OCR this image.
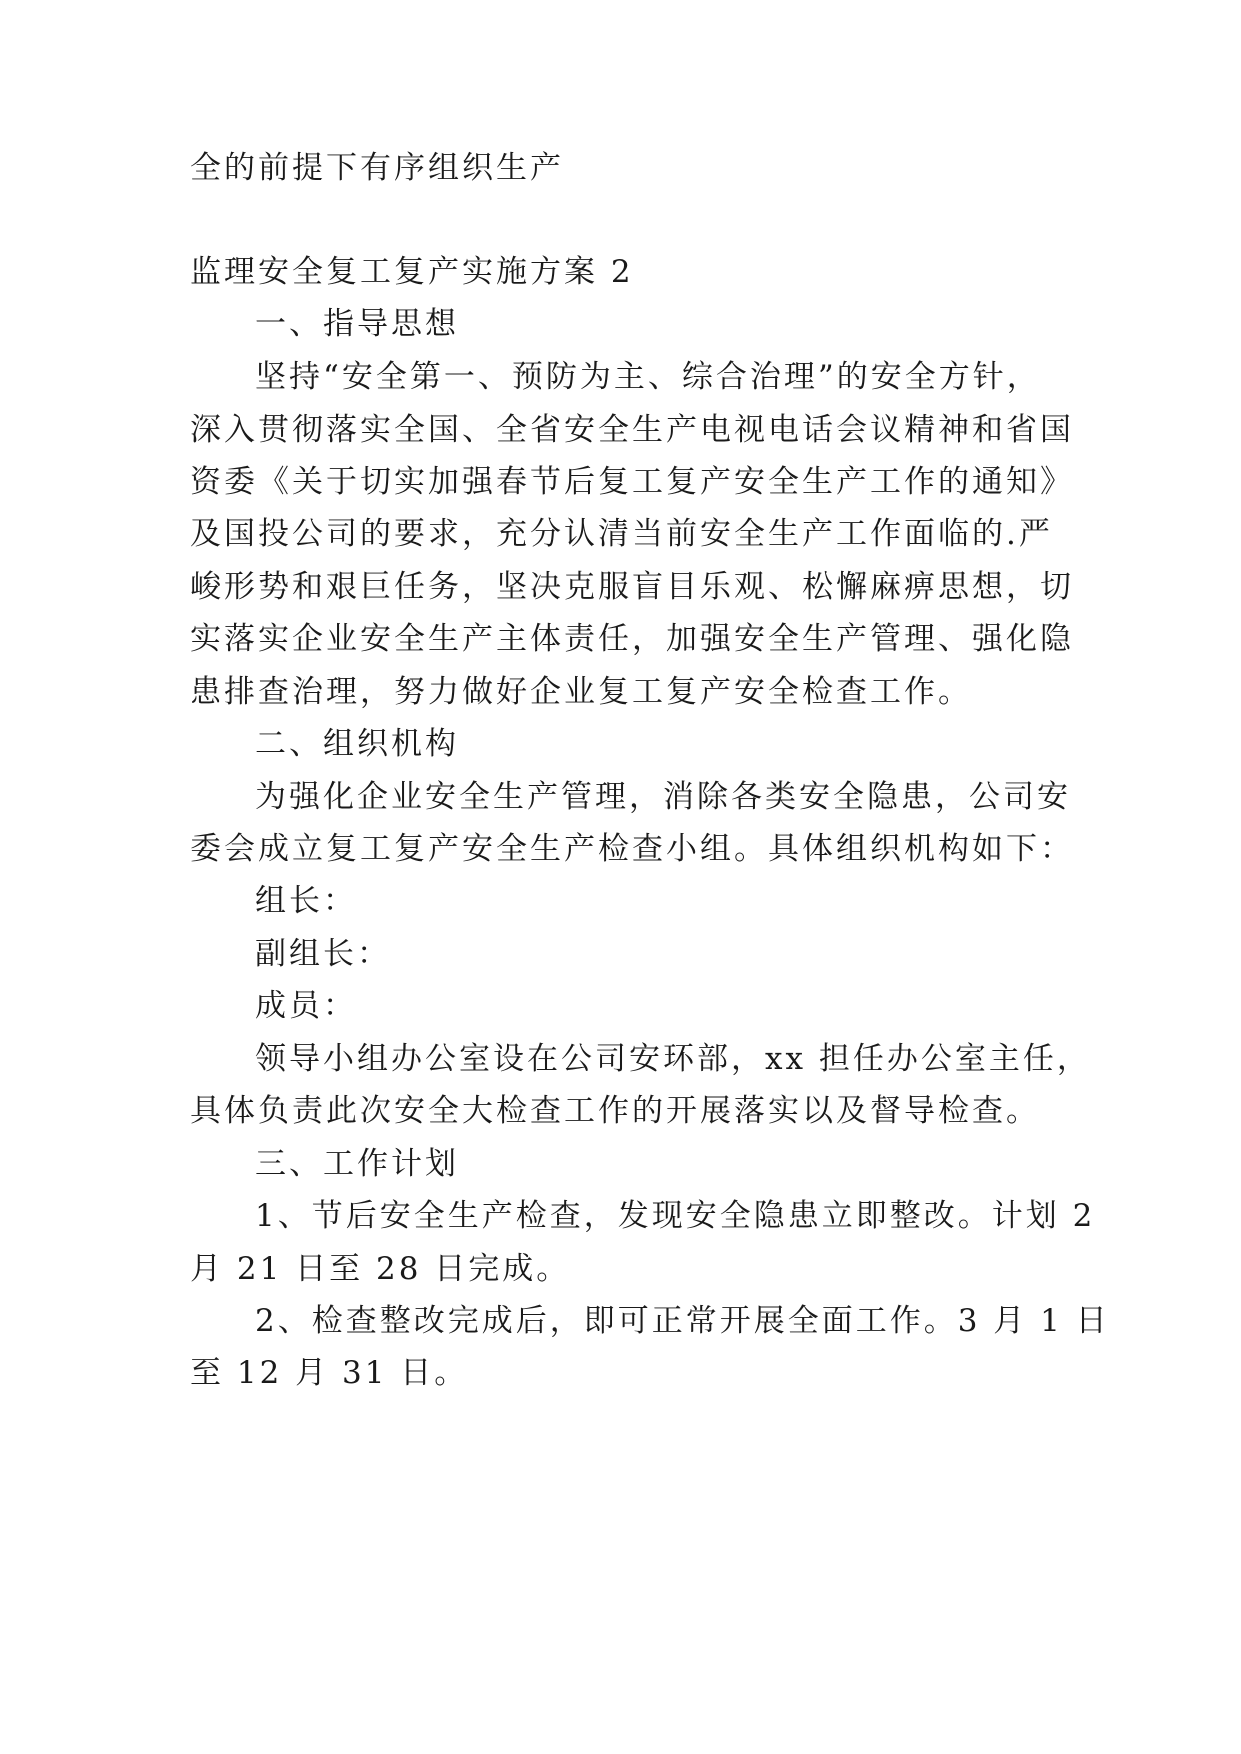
全的前提下有序组织生产
监理安全复工复产实施方案 2
一、指导思想
坚持“安全第一、预防为主、综合治理”的安全方针，
深入贯彻落实全国、全省安全生产电视电话会议精神和省国
资委《关于切实加强春节后复工复产安全生产工作的通知》
及国投公司的要求，充分认清当前安全生产工作面临的.严
峻形势和艰巨任务，坚决克服盲目乐观、松懈麻痹思想，切
实落实企业安全生产主体责任，加强安全生产管理、强化隐
患排查治理，努力做好企业复工复产安全检查工作。
二、组织机构
为强化企业安全生产管理，消除各类安全隐患，公司安
委会成立复工复产安全生产检查小组。具体组织机构如下：
组长：
副组长：
成员：
领导小组办公室设在公司安环部，xx 担任办公室主任，
具体负责此次安全大检查工作的开展落实以及督导检查。
三、工作计划
1、节后安全生产检查，发现安全隐患立即整改。计划 2
月 21 日至 28 日完成。
2、检查整改完成后，即可正常开展全面工作。3 月 1 日
至 12 月 31 日。
